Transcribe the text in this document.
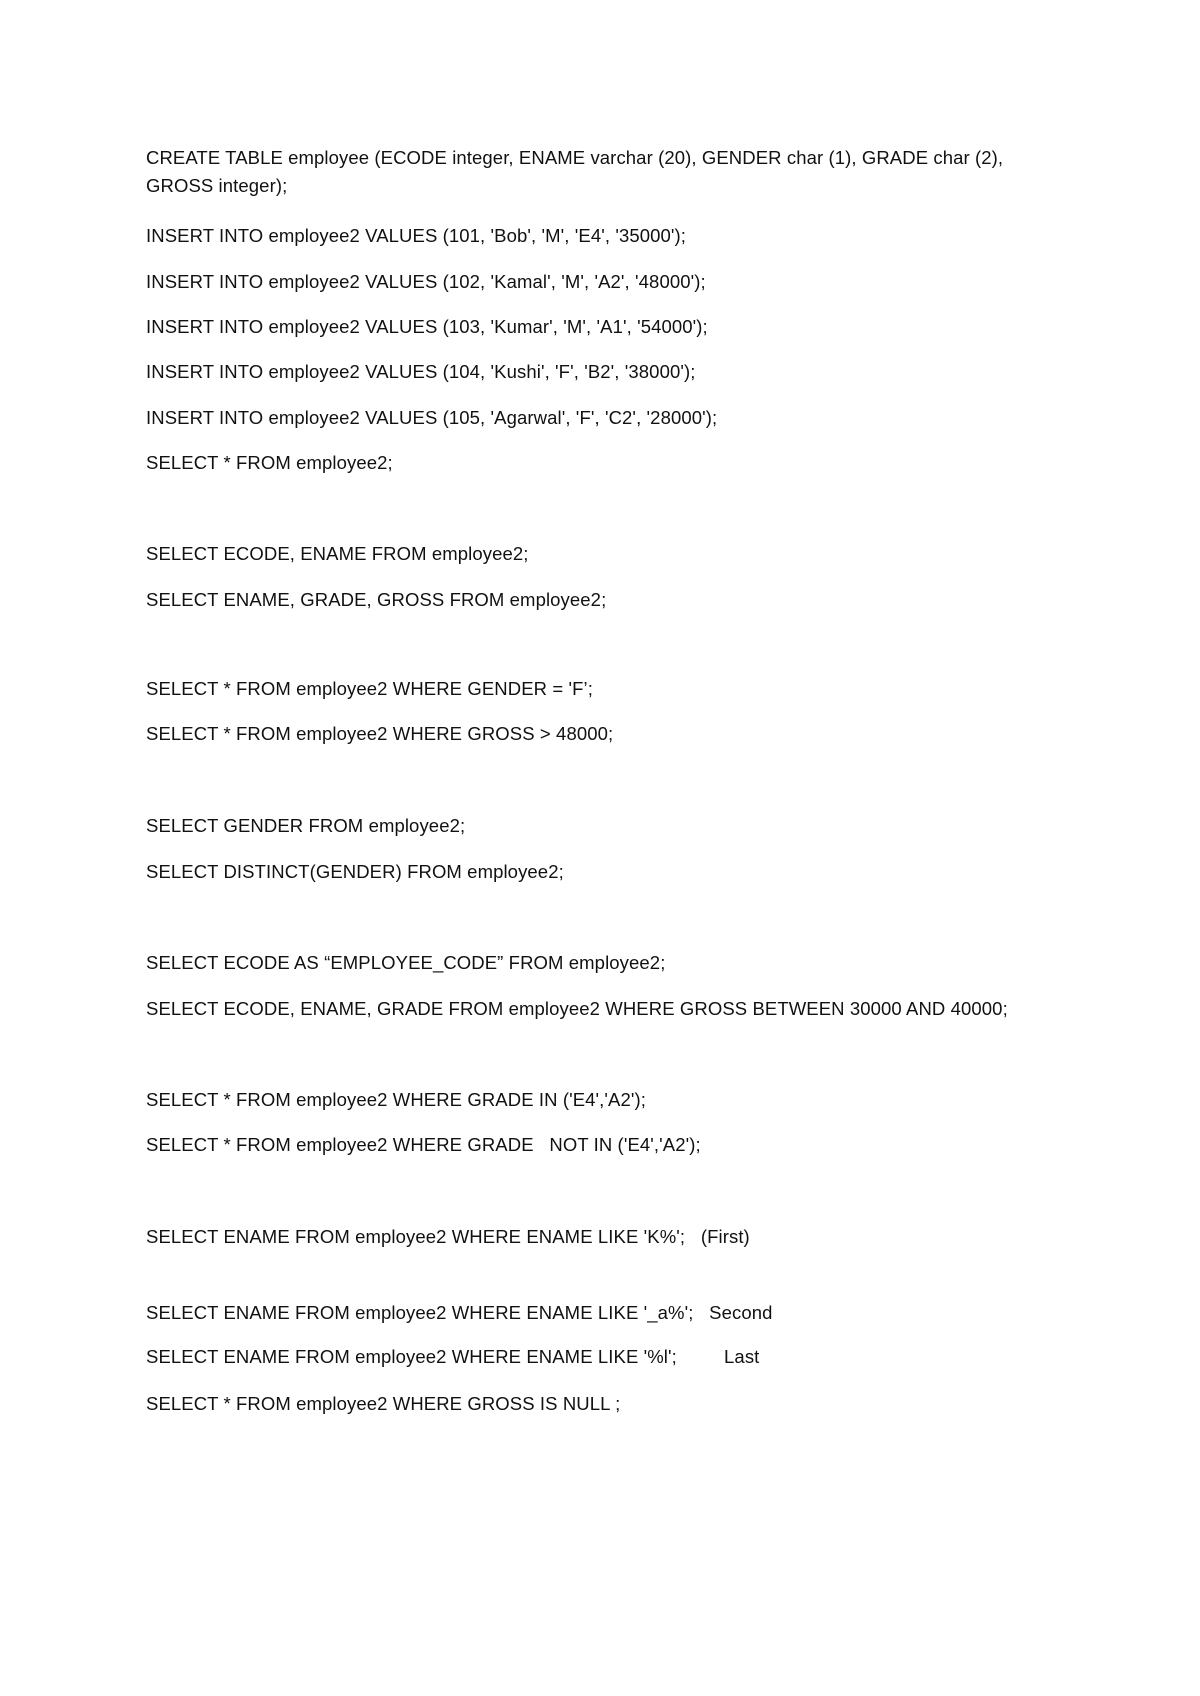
CREATE TABLE employee (ECODE integer, ENAME varchar (20), GENDER char (1), GRADE char (2), GROSS integer);
INSERT INTO employee2 VALUES (101, 'Bob', 'M', 'E4', '35000');
INSERT INTO employee2 VALUES (102, 'Kamal', 'M', 'A2', '48000');
INSERT INTO employee2 VALUES (103, 'Kumar', 'M', 'A1', '54000');
INSERT INTO employee2 VALUES (104, 'Kushi', 'F', 'B2', '38000');
INSERT INTO employee2 VALUES (105, 'Agarwal', 'F', 'C2', '28000');
SELECT * FROM employee2;
SELECT ECODE, ENAME FROM employee2;
SELECT ENAME, GRADE, GROSS FROM employee2;
SELECT * FROM employee2 WHERE GENDER = 'F’;
SELECT * FROM employee2 WHERE GROSS > 48000;
SELECT GENDER FROM employee2;
SELECT DISTINCT(GENDER) FROM employee2;
SELECT ECODE AS “EMPLOYEE_CODE” FROM employee2;
SELECT ECODE, ENAME, GRADE FROM employee2 WHERE GROSS BETWEEN 30000 AND 40000;
SELECT * FROM employee2 WHERE GRADE IN ('E4','A2');
SELECT * FROM employee2 WHERE GRADE   NOT IN ('E4','A2');
SELECT ENAME FROM employee2 WHERE ENAME LIKE 'K%';   (First)
SELECT ENAME FROM employee2 WHERE ENAME LIKE '_a%';   Second
SELECT ENAME FROM employee2 WHERE ENAME LIKE '%l';         Last
SELECT * FROM employee2 WHERE GROSS IS NULL ;
